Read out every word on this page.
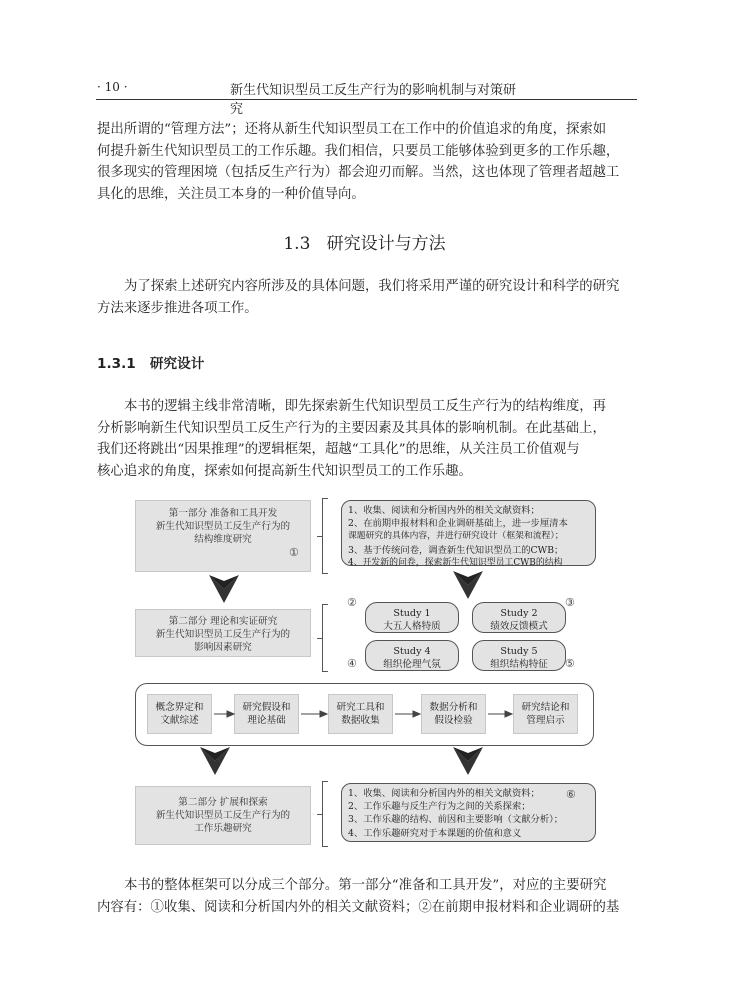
· 10 ·	新生代知识型员工反生产行为的影响机制与对策研究
提出所谓的“管理方法”；还将从新生代知识型员工在工作中的价值追求的角度，探索如
何提升新生代知识型员工的工作乐趣。我们相信，只要员工能够体验到更多的工作乐趣，
很多现实的管理困境（包括反生产行为）都会迎刃而解。当然，这也体现了管理者超越工
具化的思维，关注员工本身的一种价值导向。
1.3 研究设计与方法
为了探索上述研究内容所涉及的具体问题，我们将采用严谨的研究设计和科学的研究
方法来逐步推进各项工作。
1.3.1 研究设计
本书的逻辑主线非常清晰，即先探索新生代知识型员工反生产行为的结构维度，再
分析影响新生代知识型员工反生产行为的主要因素及其具体的影响机制。在此基础上，
我们还将跳出“因果推理”的逻辑框架，超越“工具化”的思维，从关注员工价值观与
核心追求的角度，探索如何提高新生代知识型员工的工作乐趣。
第一部分 准备和工具开发
新生代知识型员工反生产行为的
结构维度研究
①
1、收集、阅读和分析国内外的相关文献资料；
2、在前期申报材料和企业调研基础上，进一步厘清本
课题研究的具体内容，并进行研究设计（框架和流程）；
3、基于传统问卷，调查新生代知识型员工的CWB；
4、开发新的问卷，探索新生代知识型员工CWB的结构
第二部分 理论和实证研究
新生代知识型员工反生产行为的
影响因素研究
②	③
④	⑤
Study 1
大五人格特质
Study 2
绩效反馈模式
Study 4
组织伦理气氛
Study 5
组织结构特征
概念界定和
文献综述
研究假设和
理论基础
研究工具和
数据收集
数据分析和
假设检验
研究结论和
管理启示
第二部分 扩展和探索
新生代知识型员工反生产行为的
工作乐趣研究
1、收集、阅读和分析国内外的相关文献资料；
2、工作乐趣与反生产行为之间的关系探索；
3、工作乐趣的结构、前因和主要影响（文献分析）；
4、工作乐趣研究对于本课题的价值和意义
⑥
本书的整体框架可以分成三个部分。第一部分“准备和工具开发”，对应的主要研究
内容有：①收集、阅读和分析国内外的相关文献资料；②在前期申报材料和企业调研的基
